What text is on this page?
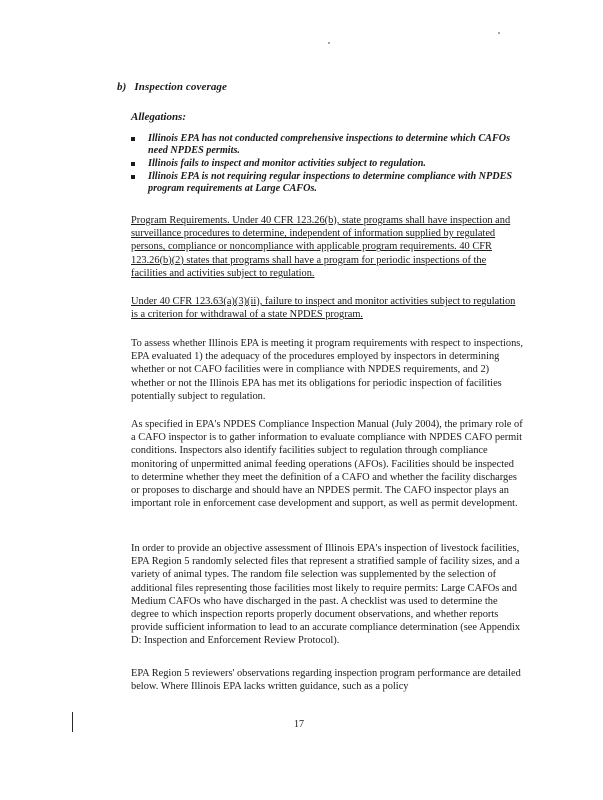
b) Inspection coverage
Allegations:
Illinois EPA has not conducted comprehensive inspections to determine which CAFOs need NPDES permits.
Illinois fails to inspect and monitor activities subject to regulation.
Illinois EPA is not requiring regular inspections to determine compliance with NPDES program requirements at Large CAFOs.

Program Requirements. Under 40 CFR 123.26(b), state programs shall have inspection and surveillance procedures to determine, independent of information supplied by regulated persons, compliance or noncompliance with applicable program requirements. 40 CFR 123.26(b)(2) states that programs shall have a program for periodic inspections of the facilities and activities subject to regulation.

Under 40 CFR 123.63(a)(3)(ii), failure to inspect and monitor activities subject to regulation is a criterion for withdrawal of a state NPDES program.

To assess whether Illinois EPA is meeting it program requirements with respect to inspections, EPA evaluated 1) the adequacy of the procedures employed by inspectors in determining whether or not CAFO facilities were in compliance with NPDES requirements, and 2) whether or not the Illinois EPA has met its obligations for periodic inspection of facilities potentially subject to regulation.

As specified in EPA's NPDES Compliance Inspection Manual (July 2004), the primary role of a CAFO inspector is to gather information to evaluate compliance with NPDES CAFO permit conditions. Inspectors also identify facilities subject to regulation through compliance monitoring of unpermitted animal feeding operations (AFOs). Facilities should be inspected to determine whether they meet the definition of a CAFO and whether the facility discharges or proposes to discharge and should have an NPDES permit. The CAFO inspector plays an important role in enforcement case development and support, as well as permit development.

In order to provide an objective assessment of Illinois EPA's inspection of livestock facilities, EPA Region 5 randomly selected files that represent a stratified sample of facility sizes, and a variety of animal types. The random file selection was supplemented by the selection of additional files representing those facilities most likely to require permits: Large CAFOs and Medium CAFOs who have discharged in the past. A checklist was used to determine the degree to which inspection reports properly document observations, and whether reports provide sufficient information to lead to an accurate compliance determination (see Appendix D: Inspection and Enforcement Review Protocol).

EPA Region 5 reviewers' observations regarding inspection program performance are detailed below. Where Illinois EPA lacks written guidance, such as a policy

17
